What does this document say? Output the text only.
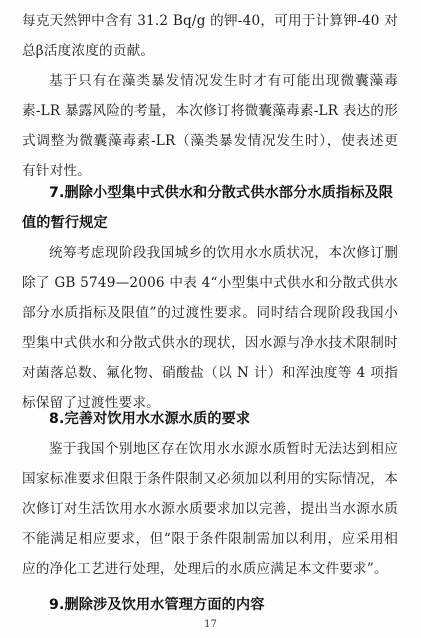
每克天然钾中含有 31.2 Bq/g 的钾-40，可用于计算钾-40 对总β活度浓度的贡献。

基于只有在藻类暴发情况发生时才有可能出现微囊藻毒素-LR 暴露风险的考量，本次修订将微囊藻毒素-LR 表达的形式调整为微囊藻毒素-LR（藻类暴发情况发生时），使表述更有针对性。

7.删除小型集中式供水和分散式供水部分水质指标及限值的暂行规定

统筹考虑现阶段我国城乡的饮用水水质状况，本次修订删除了 GB 5749—2006 中表 4“小型集中式供水和分散式供水部分水质指标及限值”的过渡性要求。同时结合现阶段我国小型集中式供水和分散式供水的现状，因水源与净水技术限制时对菌落总数、氟化物、硝酸盐（以 N 计）和浑浊度等 4 项指标保留了过渡性要求。

8.完善对饮用水水源水质的要求

鉴于我国个别地区存在饮用水水源水质暂时无法达到相应国家标准要求但限于条件限制又必须加以利用的实际情况，本次修订对生活饮用水水源水质要求加以完善，提出当水源水质不能满足相应要求，但“限于条件限制需加以利用，应采用相应的净化工艺进行处理，处理后的水质应满足本文件要求”。

9.删除涉及饮用水管理方面的内容

17
